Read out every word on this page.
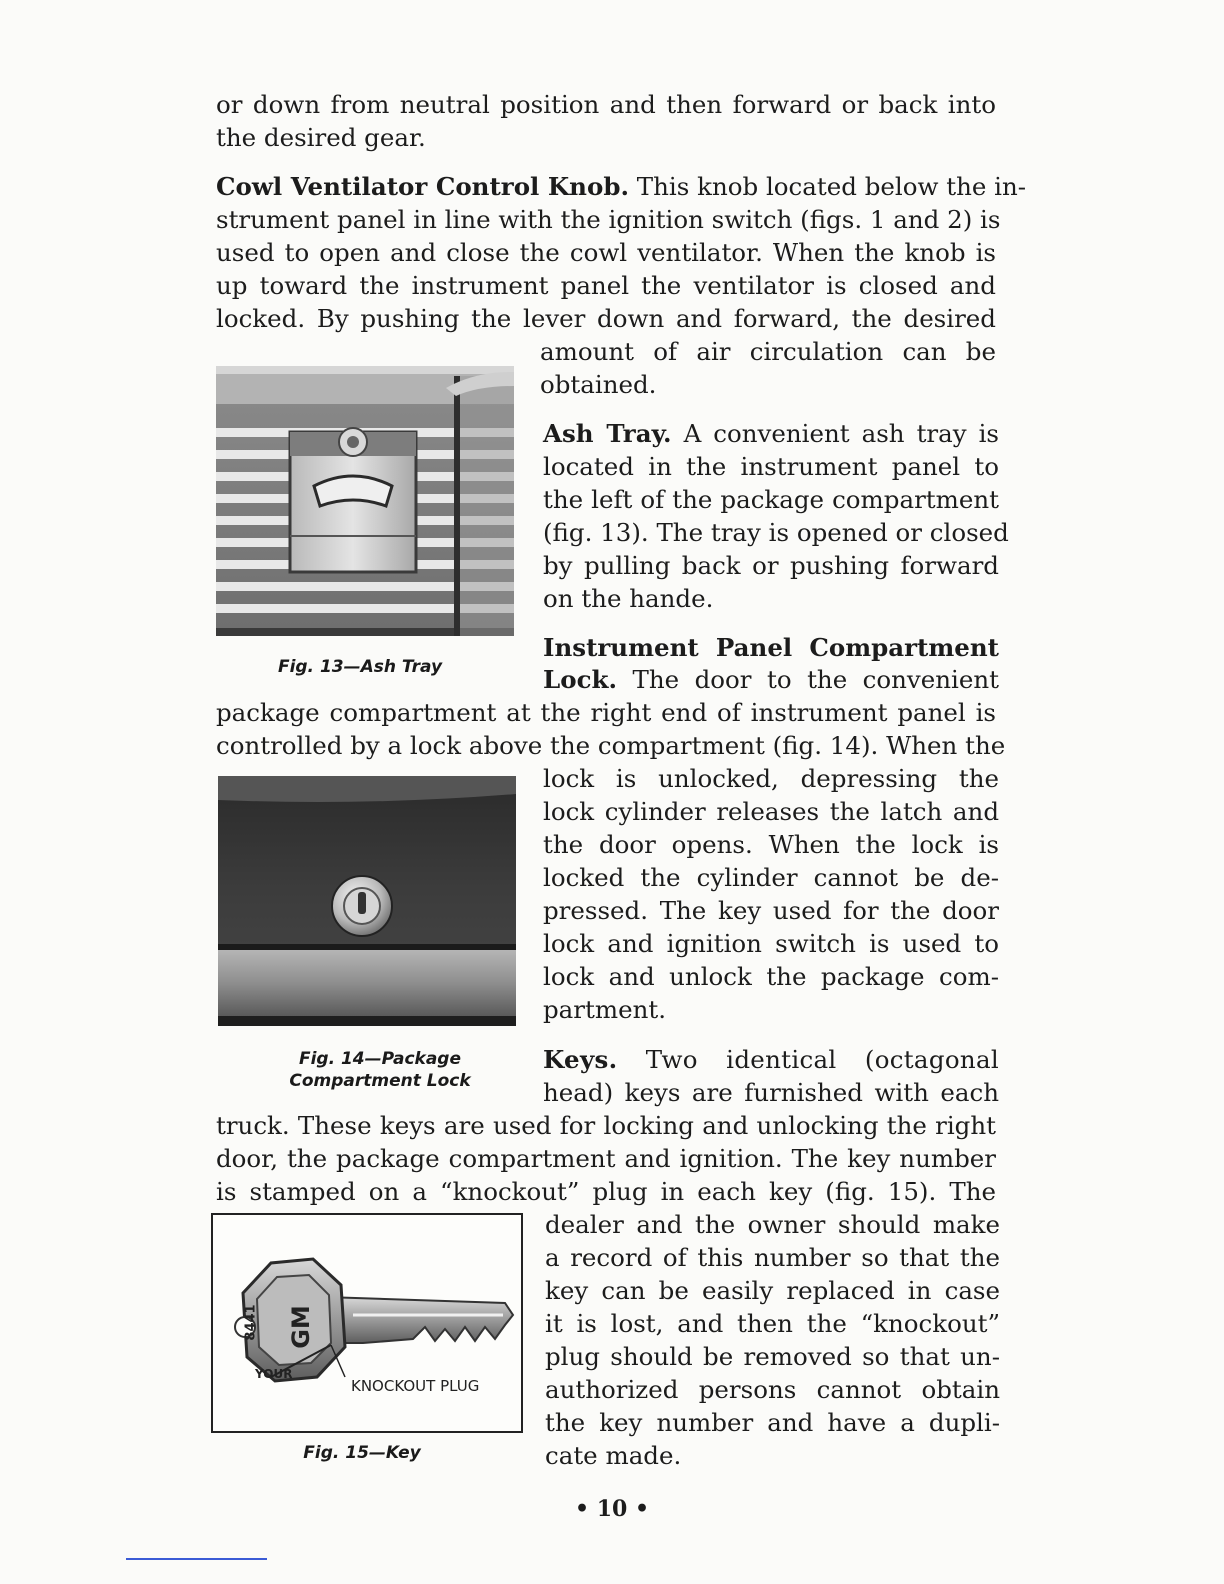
or down from neutral position and then forward or back into
the desired gear.
Cowl Ventilator Control Knob. This knob located below the in-
strument panel in line with the ignition switch (figs. 1 and 2) is
used to open and close the cowl ventilator. When the knob is
up toward the instrument panel the ventilator is closed and
locked. By pushing the lever down and forward, the desired
amount of air circulation can be
obtained.
Fig. 13—Ash Tray
Ash Tray. A convenient ash tray is
located in the instrument panel to
the left of the package compartment
(fig. 13). The tray is opened or closed
by pulling back or pushing forward
on the hande.
Instrument Panel Compartment
Lock. The door to the convenient
package compartment at the right end of instrument panel is
controlled by a lock above the compartment (fig. 14). When the
lock is unlocked, depressing the
lock cylinder releases the latch and
the door opens. When the lock is
locked the cylinder cannot be de-
pressed. The key used for the door
lock and ignition switch is used to
lock and unlock the package com-
partment.
Fig. 14—Package
Compartment Lock
Keys. Two identical (octagonal
head) keys are furnished with each
truck. These keys are used for locking and unlocking the right
door, the package compartment and ignition. The key number
is stamped on a “knockout” plug in each key (fig. 15). The
dealer and the owner should make
a record of this number so that the
key can be easily replaced in case
it is lost, and then the “knockout”
plug should be removed so that un-
authorized persons cannot obtain
the key number and have a dupli-
cate made.
GM
8441
YOUR
KNOCKOUT PLUG
Fig. 15—Key
• 10 •
